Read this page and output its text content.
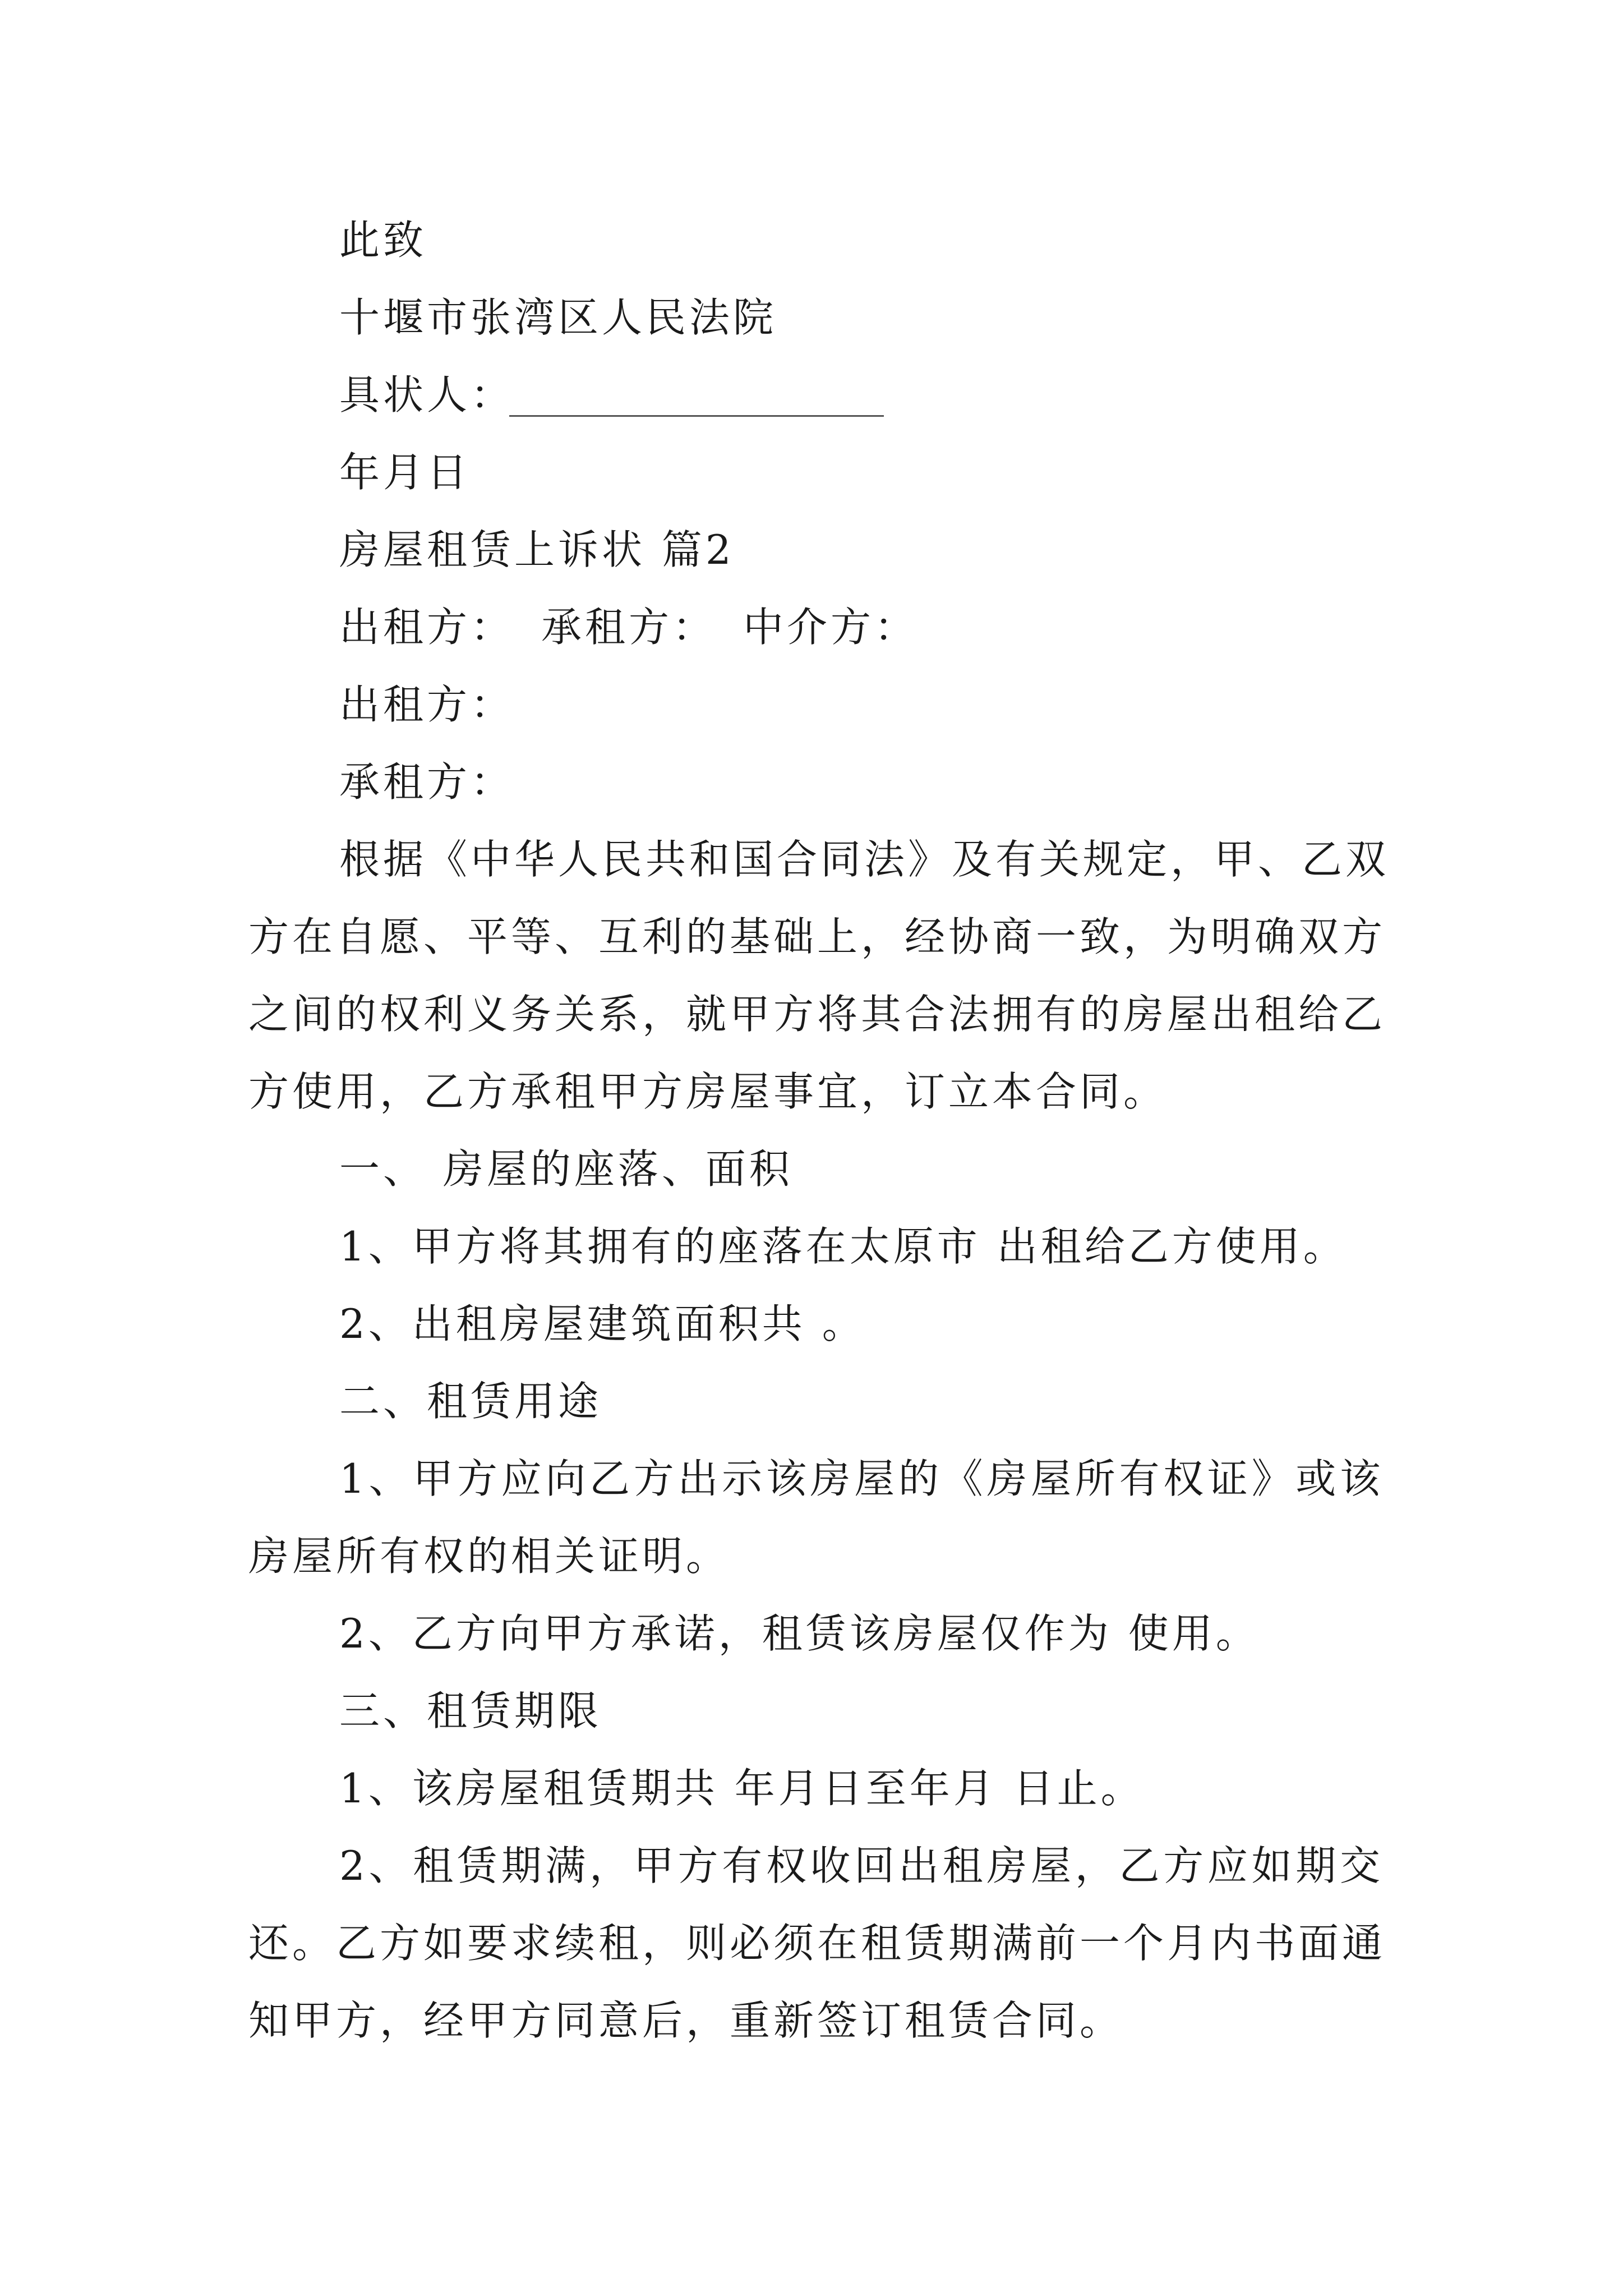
此致
十堰市张湾区人民法院
具状人：
年月日
房屋租赁上诉状 篇2
出租方： 承租方： 中介方：
出租方：
承租方：
根据《中华人民共和国合同法》及有关规定，甲、乙双
方在自愿、平等、互利的基础上，经协商一致，为明确双方
之间的权利义务关系，就甲方将其合法拥有的房屋出租给乙
方使用，乙方承租甲方房屋事宜，订立本合同。
一、 房屋的座落、面积
1、甲方将其拥有的座落在太原市 出租给乙方使用。
2、出租房屋建筑面积共 。
二、租赁用途
1、甲方应向乙方出示该房屋的《房屋所有权证》或该
房屋所有权的相关证明。
2、乙方向甲方承诺，租赁该房屋仅作为 使用。
三、租赁期限
1、该房屋租赁期共 年月日至年月 日止。
2、租赁期满，甲方有权收回出租房屋，乙方应如期交
还。乙方如要求续租，则必须在租赁期满前一个月内书面通
知甲方，经甲方同意后，重新签订租赁合同。
